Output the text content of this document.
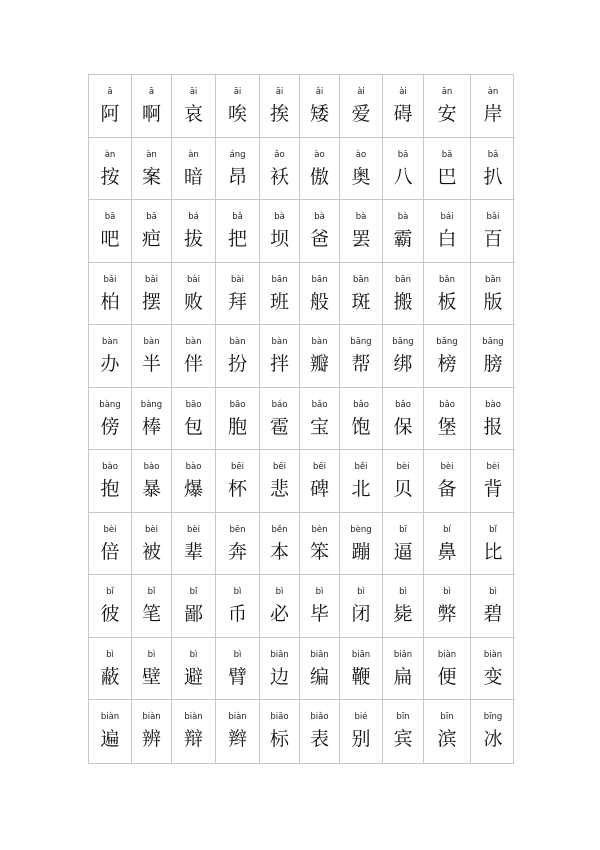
ā
阿
ā
啊
āi
哀
āi
唉
āi
挨
ǎi
矮
ài
爱
ài
碍
ān
安
àn
岸
àn
按
àn
案
àn
暗
áng
昂
ǎo
袄
ào
傲
ào
奥
bā
八
bā
巴
bā
扒
bā
吧
bā
疤
bá
拔
bǎ
把
bà
坝
bà
爸
bà
罢
bà
霸
bái
白
bǎi
百
bǎi
柏
bǎi
摆
bài
败
bài
拜
bān
班
bān
般
bān
斑
bān
搬
bǎn
板
bǎn
版
bàn
办
bàn
半
bàn
伴
bàn
扮
bàn
拌
bàn
瓣
bāng
帮
bǎng
绑
bǎng
榜
bǎng
膀
bàng
傍
bàng
棒
bāo
包
bāo
胞
báo
雹
bǎo
宝
bǎo
饱
bǎo
保
bǎo
堡
bào
报
bào
抱
bào
暴
bào
爆
bēi
杯
bēi
悲
bēi
碑
běi
北
bèi
贝
bèi
备
bèi
背
bèi
倍
bèi
被
bèi
辈
bēn
奔
běn
本
bèn
笨
bèng
蹦
bī
逼
bí
鼻
bǐ
比
bǐ
彼
bǐ
笔
bǐ
鄙
bì
币
bì
必
bì
毕
bì
闭
bì
毙
bì
弊
bì
碧
bì
蔽
bì
壁
bì
避
bì
臂
biān
边
biān
编
biān
鞭
biǎn
扁
biàn
便
biàn
变
biàn
遍
biàn
辨
biàn
辩
biàn
辫
biāo
标
biǎo
表
bié
别
bīn
宾
bīn
滨
bīng
冰
